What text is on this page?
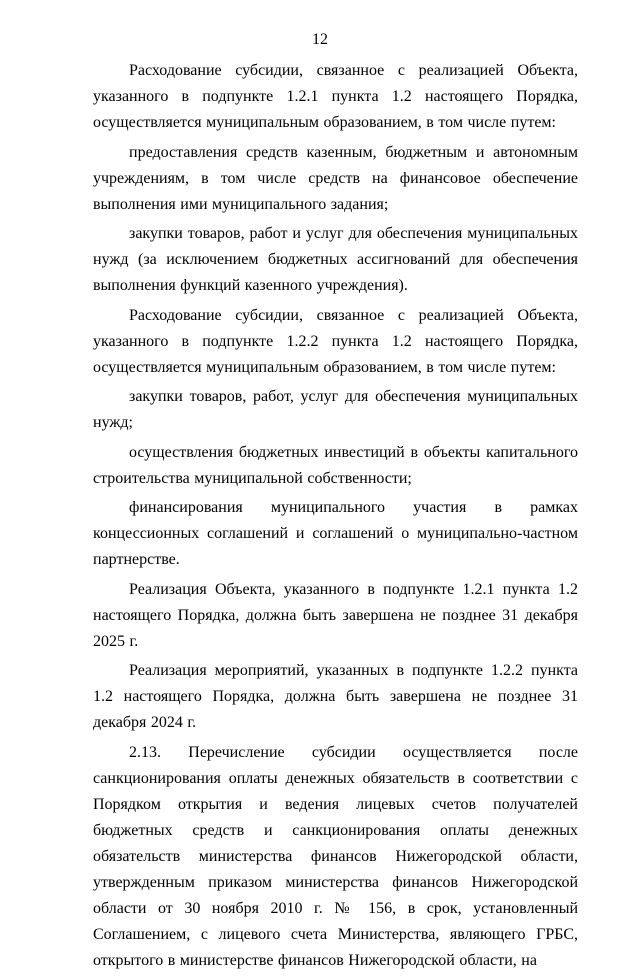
12

Расходование субсидии, связанное с реализацией Объекта, указанного в подпункте 1.2.1 пункта 1.2 настоящего Порядка, осуществляется муниципальным образованием, в том числе путем:

предоставления средств казенным, бюджетным и автономным учреждениям, в том числе средств на финансовое обеспечение выполнения ими муниципального задания;

закупки товаров, работ и услуг для обеспечения муниципальных нужд (за исключением бюджетных ассигнований для обеспечения выполнения функций казенного учреждения).

Расходование субсидии, связанное с реализацией Объекта, указанного в подпункте 1.2.2 пункта 1.2 настоящего Порядка, осуществляется муниципальным образованием, в том числе путем:

закупки товаров, работ, услуг для обеспечения муниципальных нужд;

осуществления бюджетных инвестиций в объекты капитального строительства муниципальной собственности;

финансирования муниципального участия в рамках концессионных соглашений и соглашений о муниципально-частном партнерстве.

Реализация Объекта, указанного в подпункте 1.2.1 пункта 1.2 настоящего Порядка, должна быть завершена не позднее 31 декабря 2025 г.

Реализация мероприятий, указанных в подпункте 1.2.2 пункта 1.2 настоящего Порядка, должна быть завершена не позднее 31 декабря 2024 г.

2.13. Перечисление субсидии осуществляется после санкционирования оплаты денежных обязательств в соответствии с Порядком открытия и ведения лицевых счетов получателей бюджетных средств и санкционирования оплаты денежных обязательств министерства финансов Нижегородской области, утвержденным приказом министерства финансов Нижегородской области от 30 ноября 2010 г. № 156, в срок, установленный Соглашением, с лицевого счета Министерства, являющего ГРБС, открытого в министерстве финансов Нижегородской области, на
